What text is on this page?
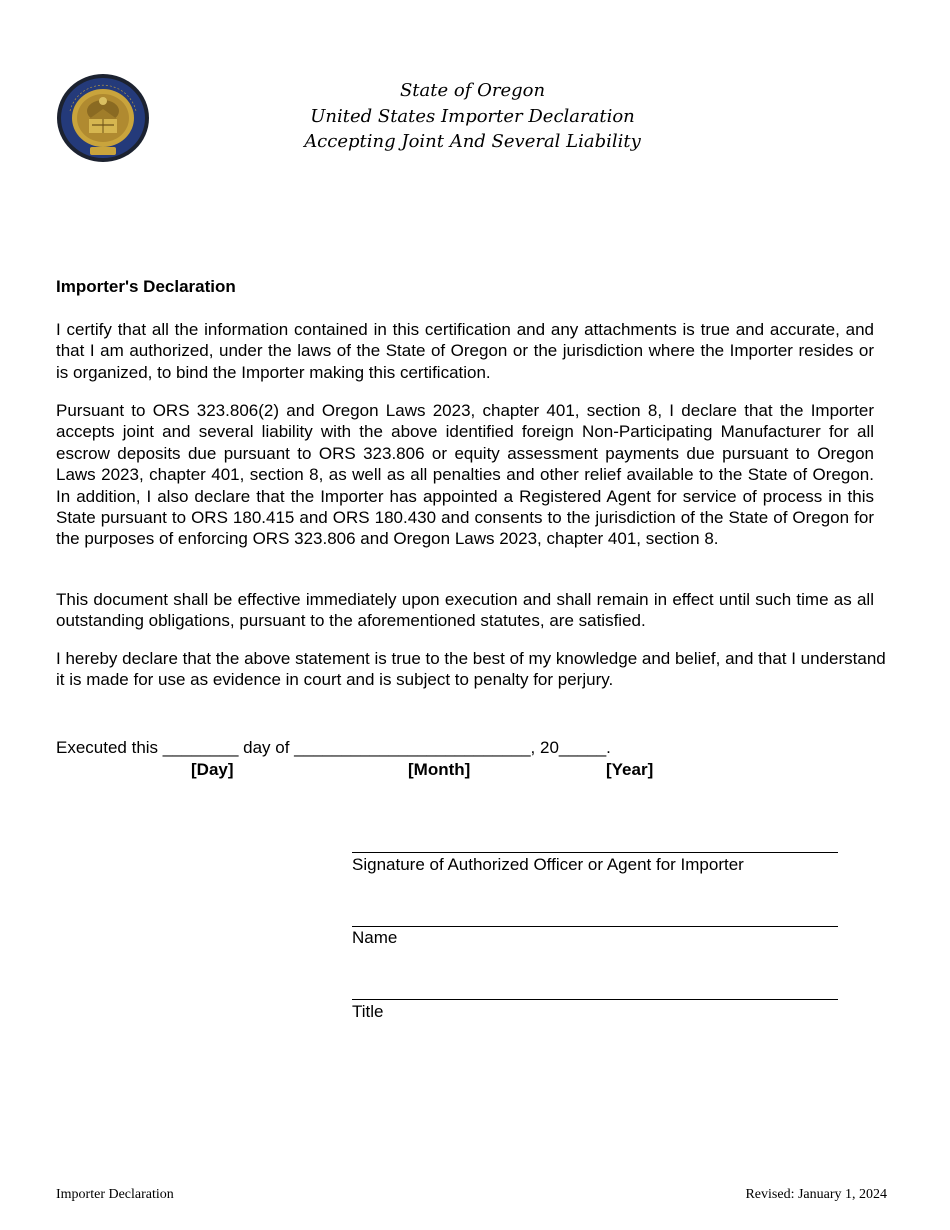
State of Oregon
United States Importer Declaration
Accepting Joint And Several Liability
Importer's Declaration
I certify that all the information contained in this certification and any attachments is true and accurate, and that I am authorized, under the laws of the State of Oregon or the jurisdiction where the Importer resides or is organized, to bind the Importer making this certification.
Pursuant to ORS 323.806(2) and Oregon Laws 2023, chapter 401, section 8, I declare that the Importer accepts joint and several liability with the above identified foreign Non-Participating Manufacturer for all escrow deposits due pursuant to ORS 323.806 or equity assessment payments due pursuant to Oregon Laws 2023, chapter 401, section 8, as well as all penalties and other relief available to the State of Oregon. In addition, I also declare that the Importer has appointed a Registered Agent for service of process in this State pursuant to ORS 180.415 and ORS 180.430 and consents to the jurisdiction of the State of Oregon for the purposes of enforcing ORS 323.806 and Oregon Laws 2023, chapter 401, section 8.
This document shall be effective immediately upon execution and shall remain in effect until such time as all outstanding obligations, pursuant to the aforementioned statutes, are satisfied.
I hereby declare that the above statement is true to the best of my knowledge and belief, and that I understand it is made for use as evidence in court and is subject to penalty for perjury.
Executed this ________ day of _________________________, 20_____.
[Day]	[Month]	[Year]
Signature of Authorized Officer or Agent for Importer
Name
Title
Importer Declaration	Revised: January 1, 2024
